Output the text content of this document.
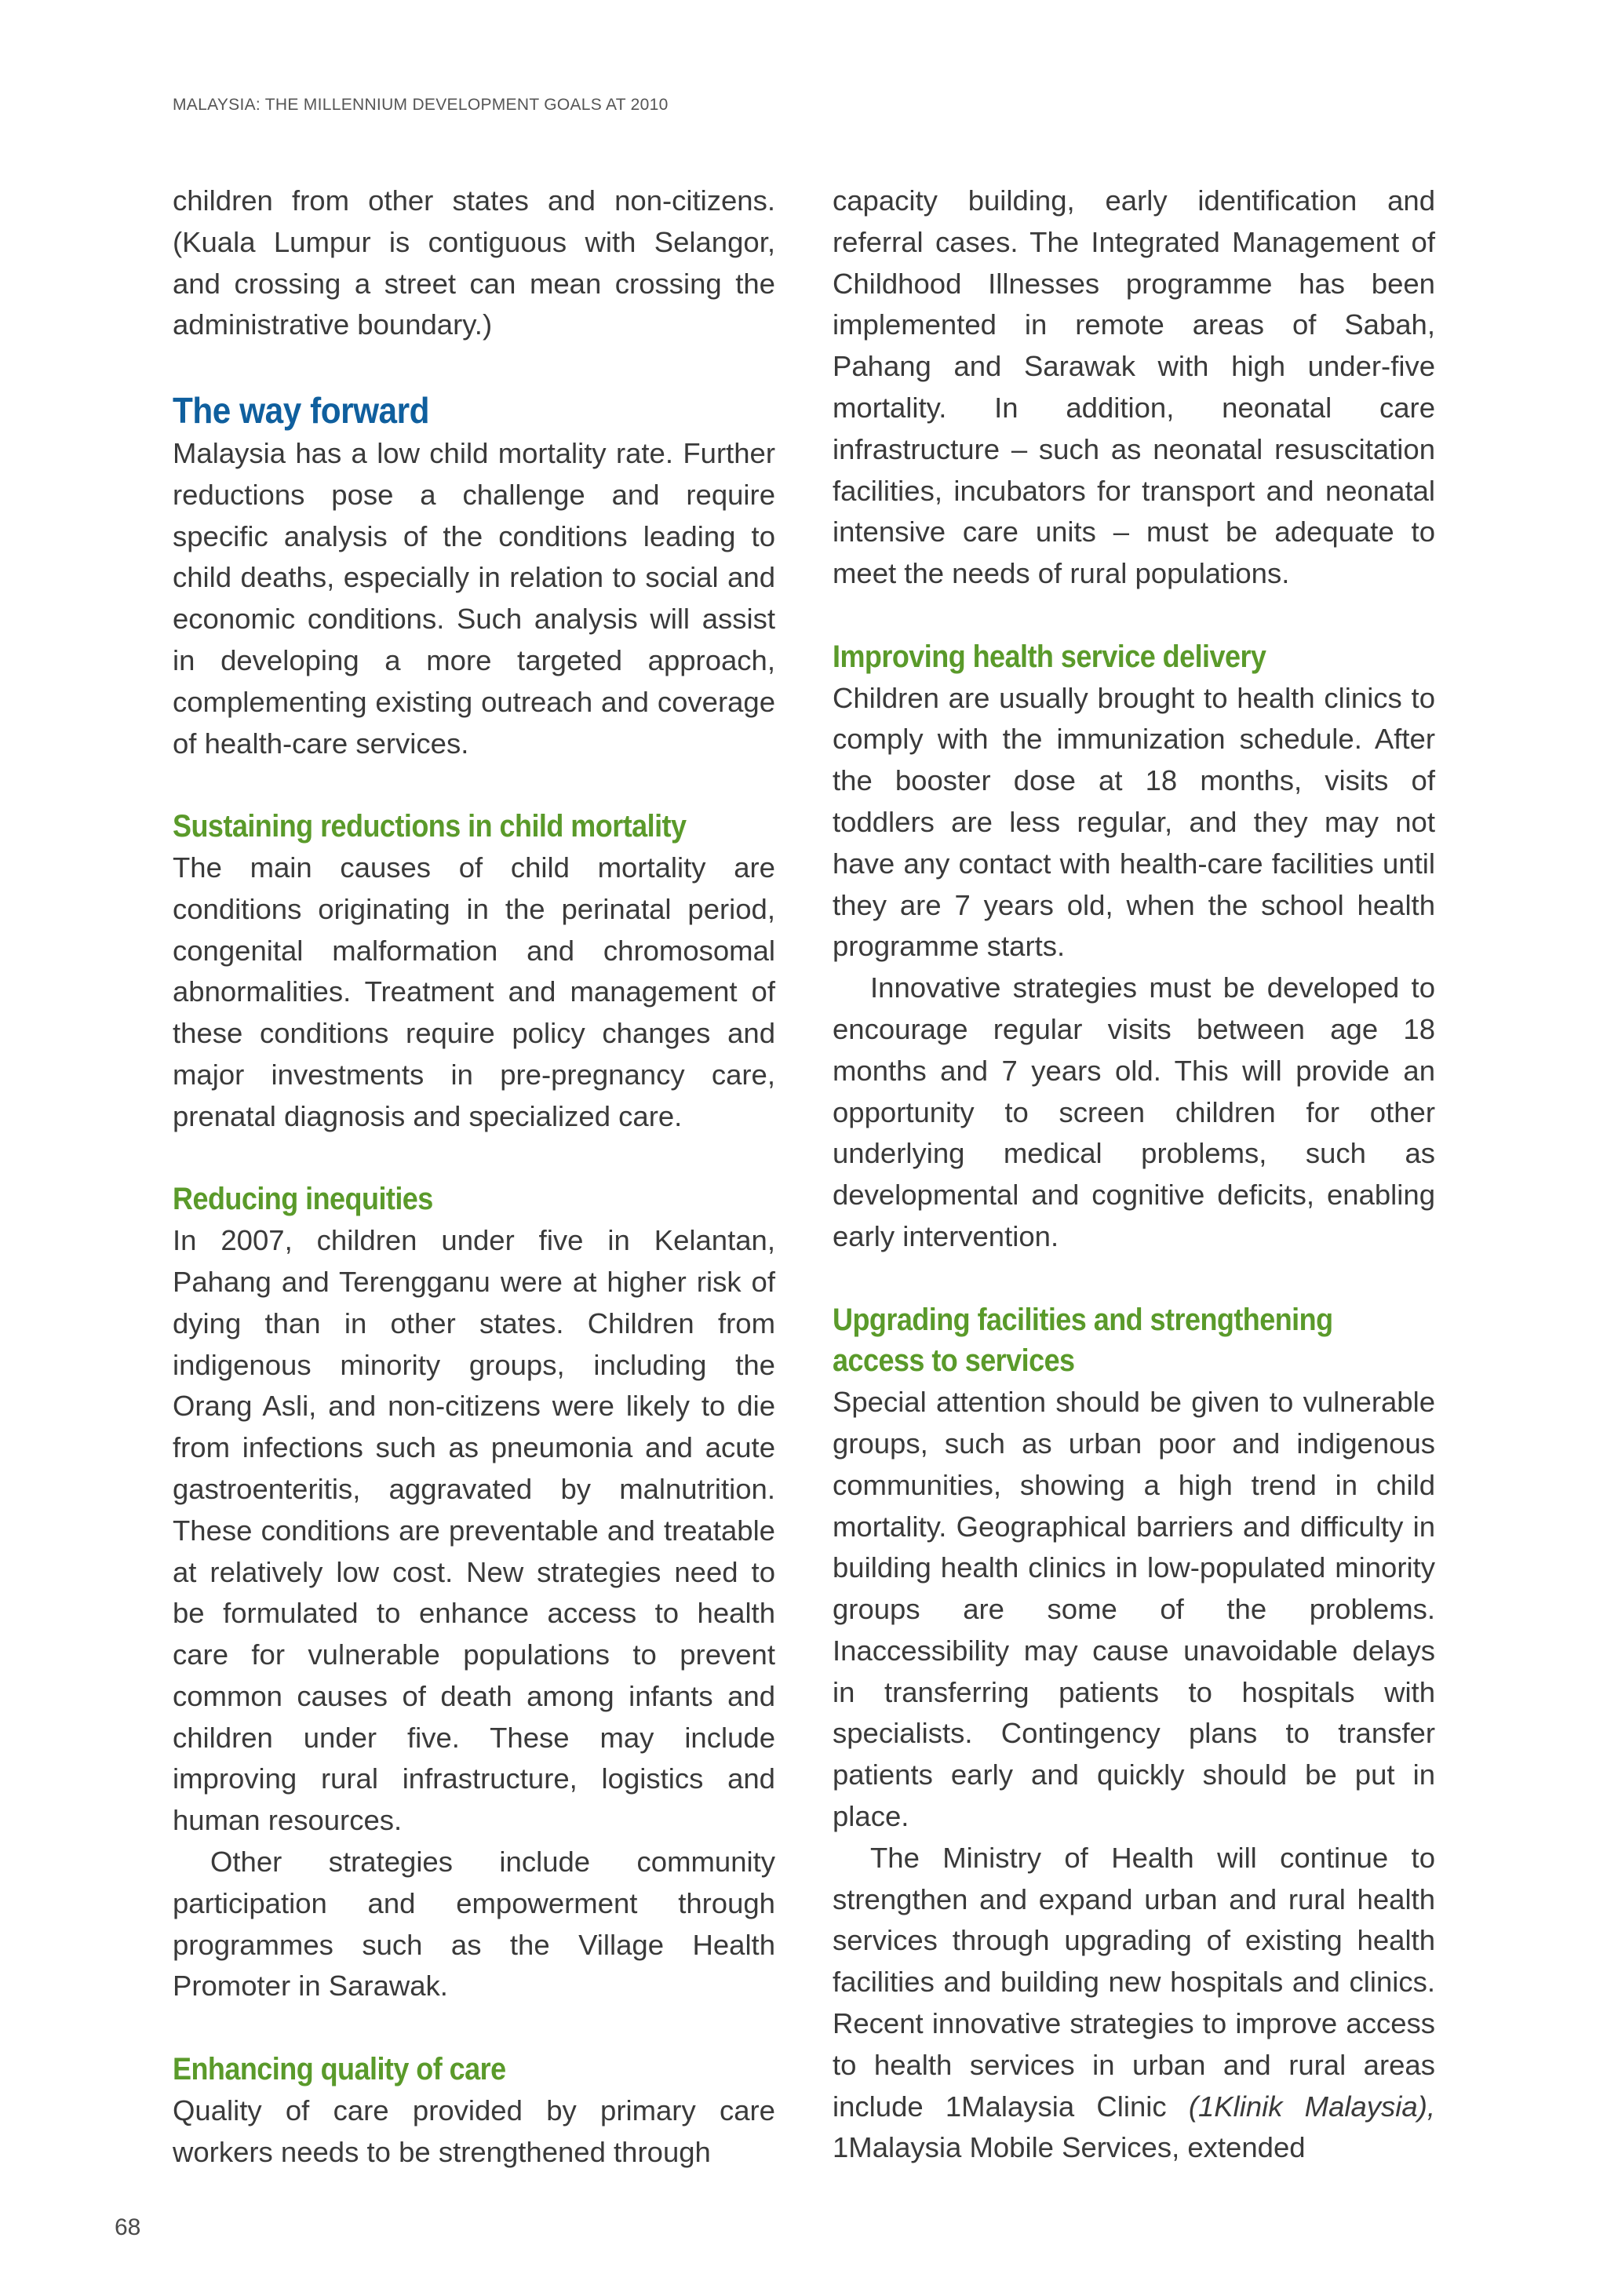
MALAYSIA: THE MILLENNIUM DEVELOPMENT GOALS AT 2010

children from other states and non-citizens. (Kuala Lumpur is contiguous with Selangor, and crossing a street can mean crossing the administrative boundary.)

The way forward

Malaysia has a low child mortality rate. Further reductions pose a challenge and require specific analysis of the conditions leading to child deaths, especially in relation to social and economic conditions. Such analysis will assist in developing a more targeted approach, complementing existing outreach and coverage of health-care services.

Sustaining reductions in child mortality

The main causes of child mortality are conditions originating in the perinatal period, congenital malformation and chromosomal abnormalities. Treatment and management of these conditions require policy changes and major investments in pre-pregnancy care, prenatal diagnosis and specialized care.

Reducing inequities

In 2007, children under five in Kelantan, Pahang and Terengganu were at higher risk of dying than in other states. Children from indigenous minority groups, including the Orang Asli, and non-citizens were likely to die from infections such as pneumonia and acute gastroenteritis, aggravated by malnutrition. These conditions are preventable and treatable at relatively low cost. New strategies need to be formulated to enhance access to health care for vulnerable populations to prevent common causes of death among infants and children under five. These may include improving rural infrastructure, logistics and human resources.

Other strategies include community participation and empowerment through programmes such as the Village Health Promoter in Sarawak.

Enhancing quality of care

Quality of care provided by primary care workers needs to be strengthened through

capacity building, early identification and referral cases. The Integrated Management of Childhood Illnesses programme has been implemented in remote areas of Sabah, Pahang and Sarawak with high under-five mortality. In addition, neonatal care infrastructure – such as neonatal resuscitation facilities, incubators for transport and neonatal intensive care units – must be adequate to meet the needs of rural populations.

Improving health service delivery

Children are usually brought to health clinics to comply with the immunization schedule. After the booster dose at 18 months, visits of toddlers are less regular, and they may not have any contact with health-care facilities until they are 7 years old, when the school health programme starts.

Innovative strategies must be developed to encourage regular visits between age 18 months and 7 years old. This will provide an opportunity to screen children for other underlying medical problems, such as developmental and cognitive deficits, enabling early intervention.

Upgrading facilities and strengthening
access to services

Special attention should be given to vulnerable groups, such as urban poor and indigenous communities, showing a high trend in child mortality. Geographical barriers and difficulty in building health clinics in low-populated minority groups are some of the problems. Inaccessibility may cause unavoidable delays in transferring patients to hospitals with specialists. Contingency plans to transfer patients early and quickly should be put in place.

The Ministry of Health will continue to strengthen and expand urban and rural health services through upgrading of existing health facilities and building new hospitals and clinics. Recent innovative strategies to improve access to health services in urban and rural areas include 1Malaysia Clinic (1Klinik Malaysia), 1Malaysia Mobile Services, extended

68
